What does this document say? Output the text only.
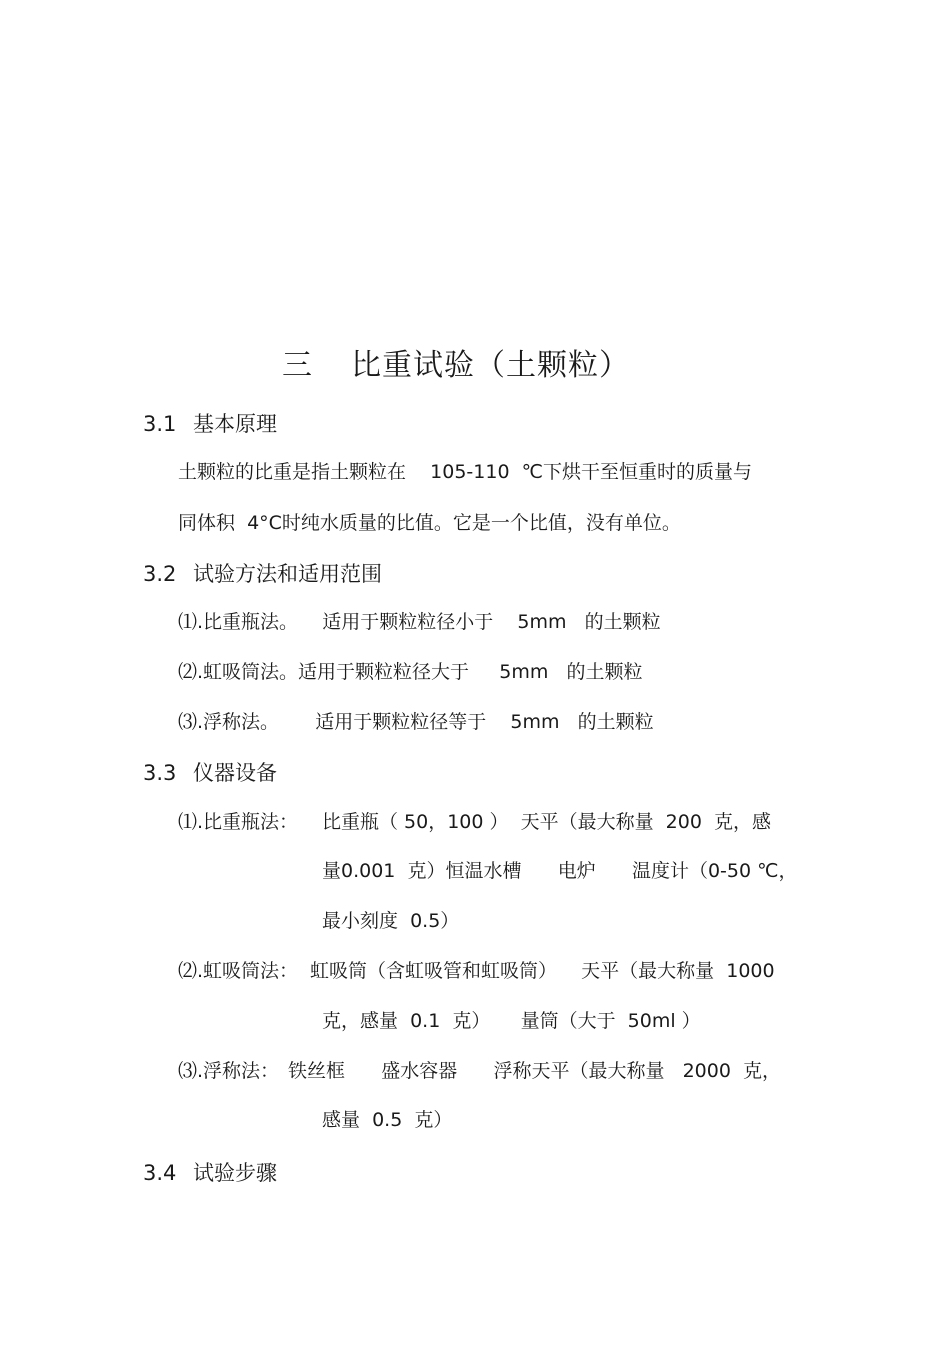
三 比重试验（土颗粒）
3.1 基本原理
土颗粒的比重是指土颗粒在    105-110  ℃下烘干至恒重时的质量与
同体积  4°C时纯水质量的比值。它是一个比值，没有单位。
3.2 试验方法和适用范围
⑴.比重瓶法。    适用于颗粒粒径小于    5mm   的土颗粒
⑵.虹吸筒法。适用于颗粒粒径大于     5mm   的土颗粒
⑶.浮称法。      适用于颗粒粒径等于    5mm   的土颗粒
3.3 仪器设备
⑴.比重瓶法： 比重瓶（ 50，100 ）  天平（最大称量  200  克，感
量0.001  克）恒温水槽      电炉      温度计（0-50 ℃，
最小刻度  0.5）
⑵.虹吸筒法： 虹吸筒（含虹吸管和虹吸筒）    天平（最大称量  1000
克，感量  0.1  克）     量筒（大于  50ml ）
⑶.浮称法： 铁丝框      盛水容器      浮称天平（最大称量   2000  克，
感量  0.5  克）
3.4 试验步骤
